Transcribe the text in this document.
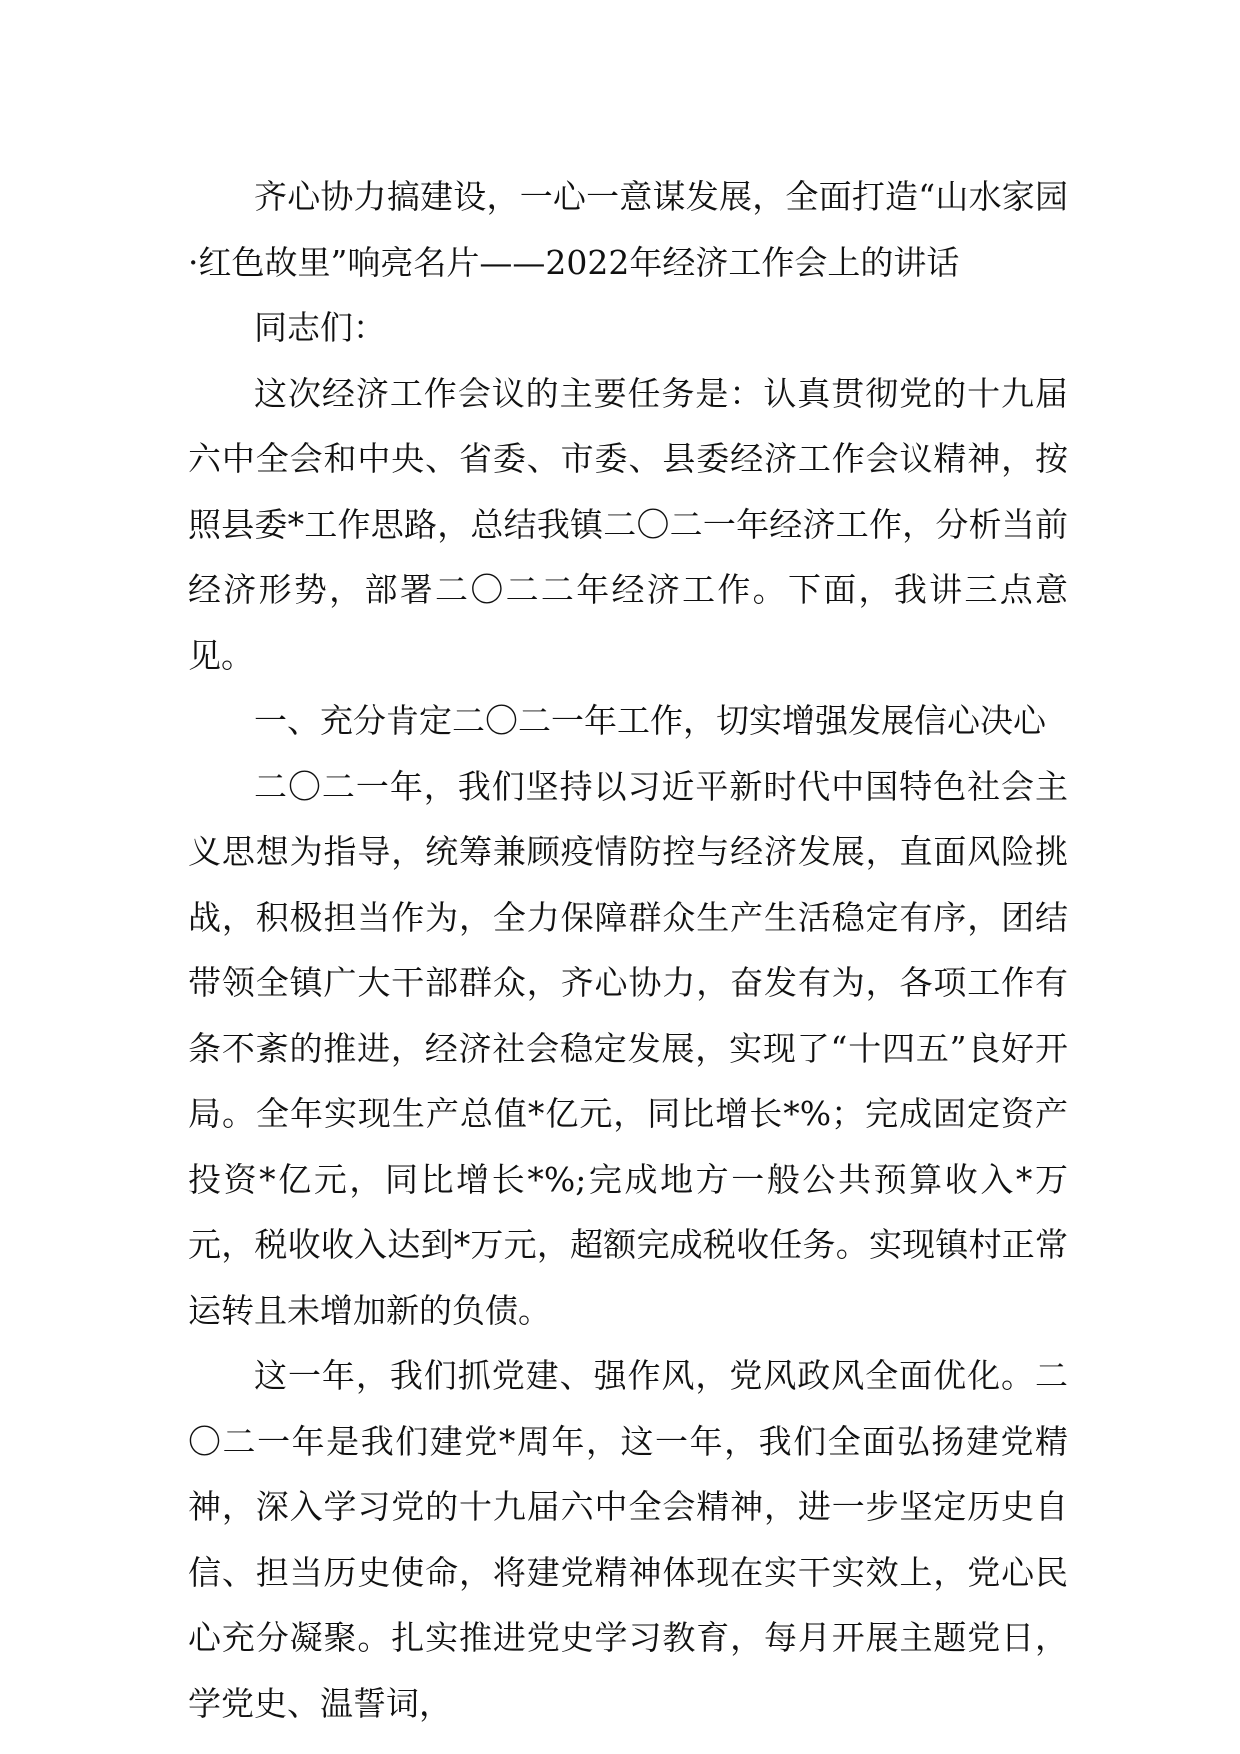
齐心协力搞建设，一心一意谋发展，全面打造“山水家园·红色故里”响亮名片——2022年经济工作会上的讲话

同志们：

这次经济工作会议的主要任务是：认真贯彻党的十九届六中全会和中央、省委、市委、县委经济工作会议精神，按照县委*工作思路，总结我镇二〇二一年经济工作，分析当前经济形势，部署二〇二二年经济工作。下面，我讲三点意见。

一、充分肯定二〇二一年工作，切实增强发展信心决心

二〇二一年，我们坚持以习近平新时代中国特色社会主义思想为指导，统筹兼顾疫情防控与经济发展，直面风险挑战，积极担当作为，全力保障群众生产生活稳定有序，团结带领全镇广大干部群众，齐心协力，奋发有为，各项工作有条不紊的推进，经济社会稳定发展，实现了“十四五”良好开局。全年实现生产总值*亿元，同比增长*%；完成固定资产投资*亿元，同比增长*%;完成地方一般公共预算收入*万元，税收收入达到*万元，超额完成税收任务。实现镇村正常运转且未增加新的负债。

这一年，我们抓党建、强作风，党风政风全面优化。二〇二一年是我们建党*周年，这一年，我们全面弘扬建党精神，深入学习党的十九届六中全会精神，进一步坚定历史自信、担当历史使命，将建党精神体现在实干实效上，党心民心充分凝聚。扎实推进党史学习教育，每月开展主题党日，学党史、温誓词，
